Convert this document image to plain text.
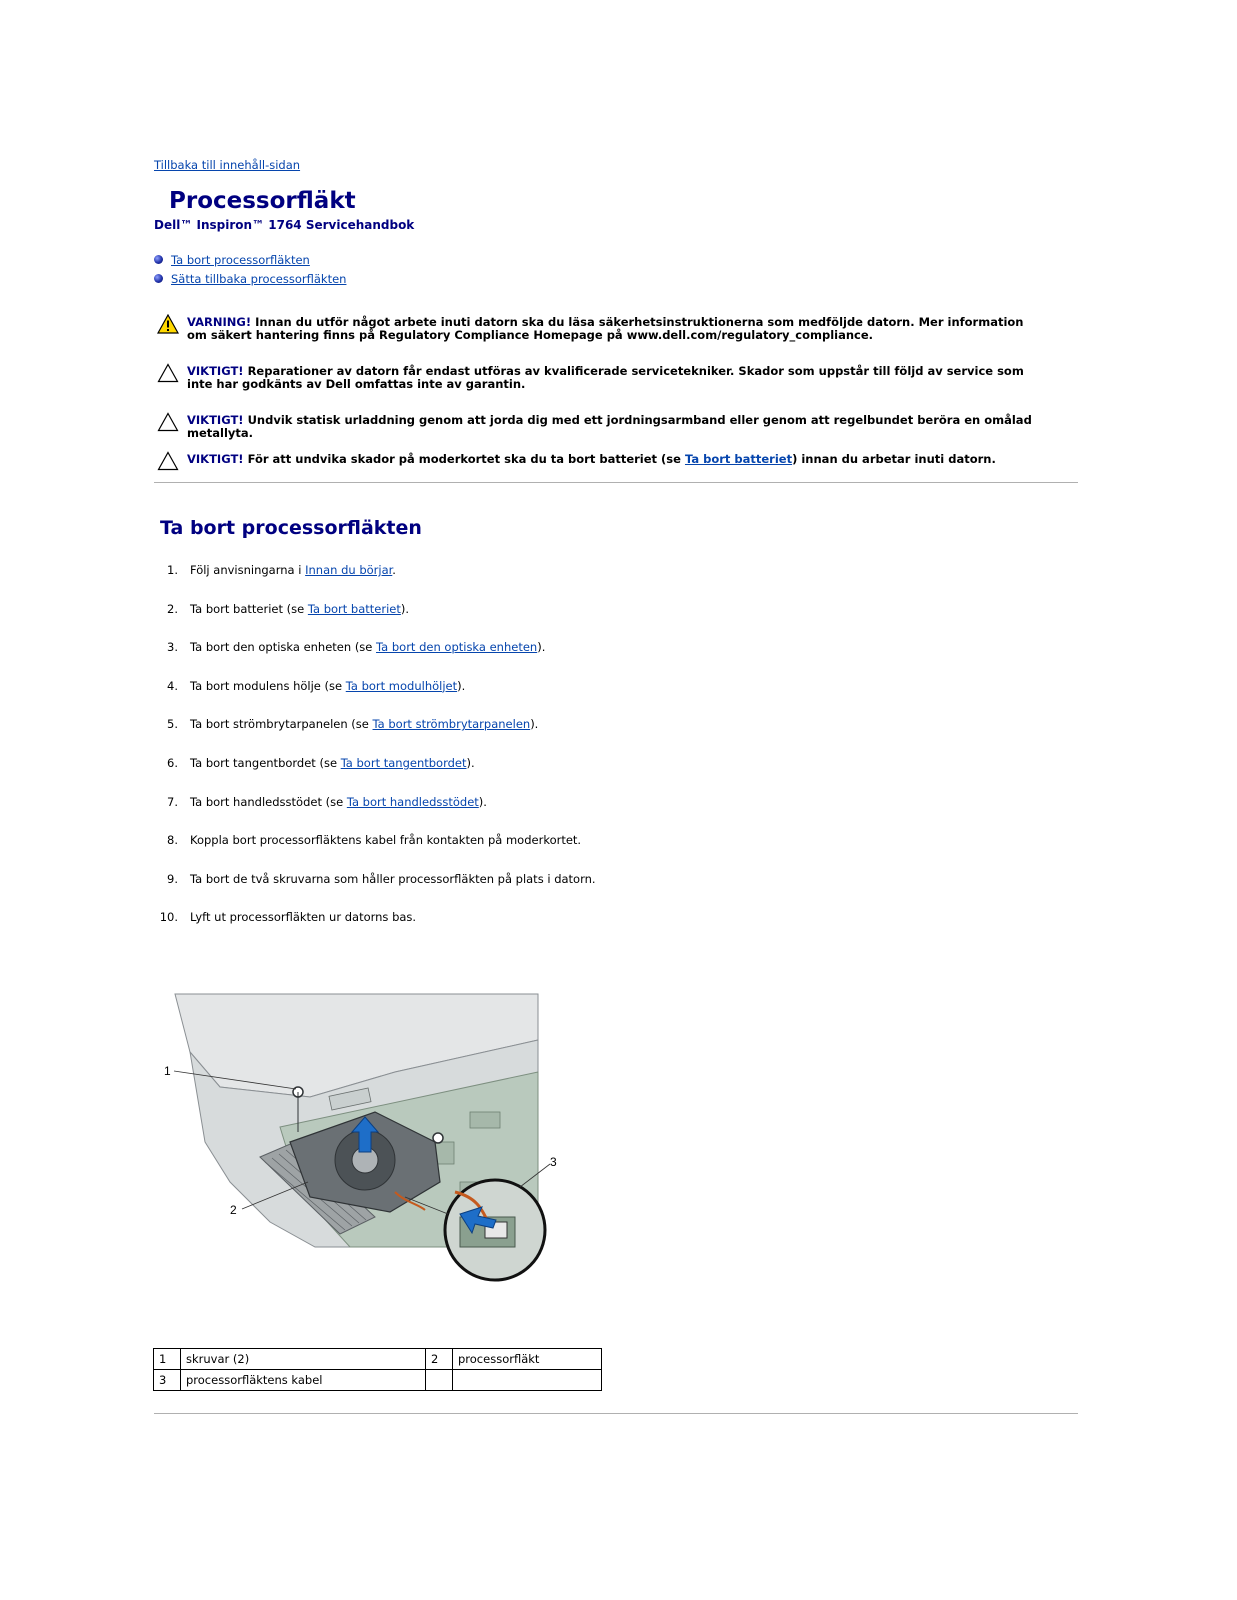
Tillbaka till innehåll-sidan
Processorfläkt
Dell™ Inspiron™ 1764 Servicehandbok
Ta bort processorfläkten
Sätta tillbaka processorfläkten
VARNING! Innan du utför något arbete inuti datorn ska du läsa säkerhetsinstruktionerna som medföljde datorn. Mer information om säkert hantering finns på Regulatory Compliance Homepage på www.dell.com/regulatory_compliance.
VIKTIGT! Reparationer av datorn får endast utföras av kvalificerade servicetekniker. Skador som uppstår till följd av service som inte har godkänts av Dell omfattas inte av garantin.
VIKTIGT! Undvik statisk urladdning genom att jorda dig med ett jordningsarmband eller genom att regelbundet beröra en omålad metallyta.
VIKTIGT! För att undvika skador på moderkortet ska du ta bort batteriet (se Ta bort batteriet) innan du arbetar inuti datorn.
Ta bort processorfläkten
1. Följ anvisningarna i Innan du börjar.
2. Ta bort batteriet (se Ta bort batteriet).
3. Ta bort den optiska enheten (se Ta bort den optiska enheten).
4. Ta bort modulens hölje (se Ta bort modulhöljet).
5. Ta bort strömbrytarpanelen (se Ta bort strömbrytarpanelen).
6. Ta bort tangentbordet (se Ta bort tangentbordet).
7. Ta bort handledsstödet (se Ta bort handledsstödet).
8. Koppla bort processorfläktens kabel från kontakten på moderkortet.
9. Ta bort de två skruvarna som håller processorfläkten på plats i datorn.
10. Lyft ut processorfläkten ur datorns bas.
1
2
3
1	skruvar (2)	2	processorfläkt
3	processorfläktens kabel		
